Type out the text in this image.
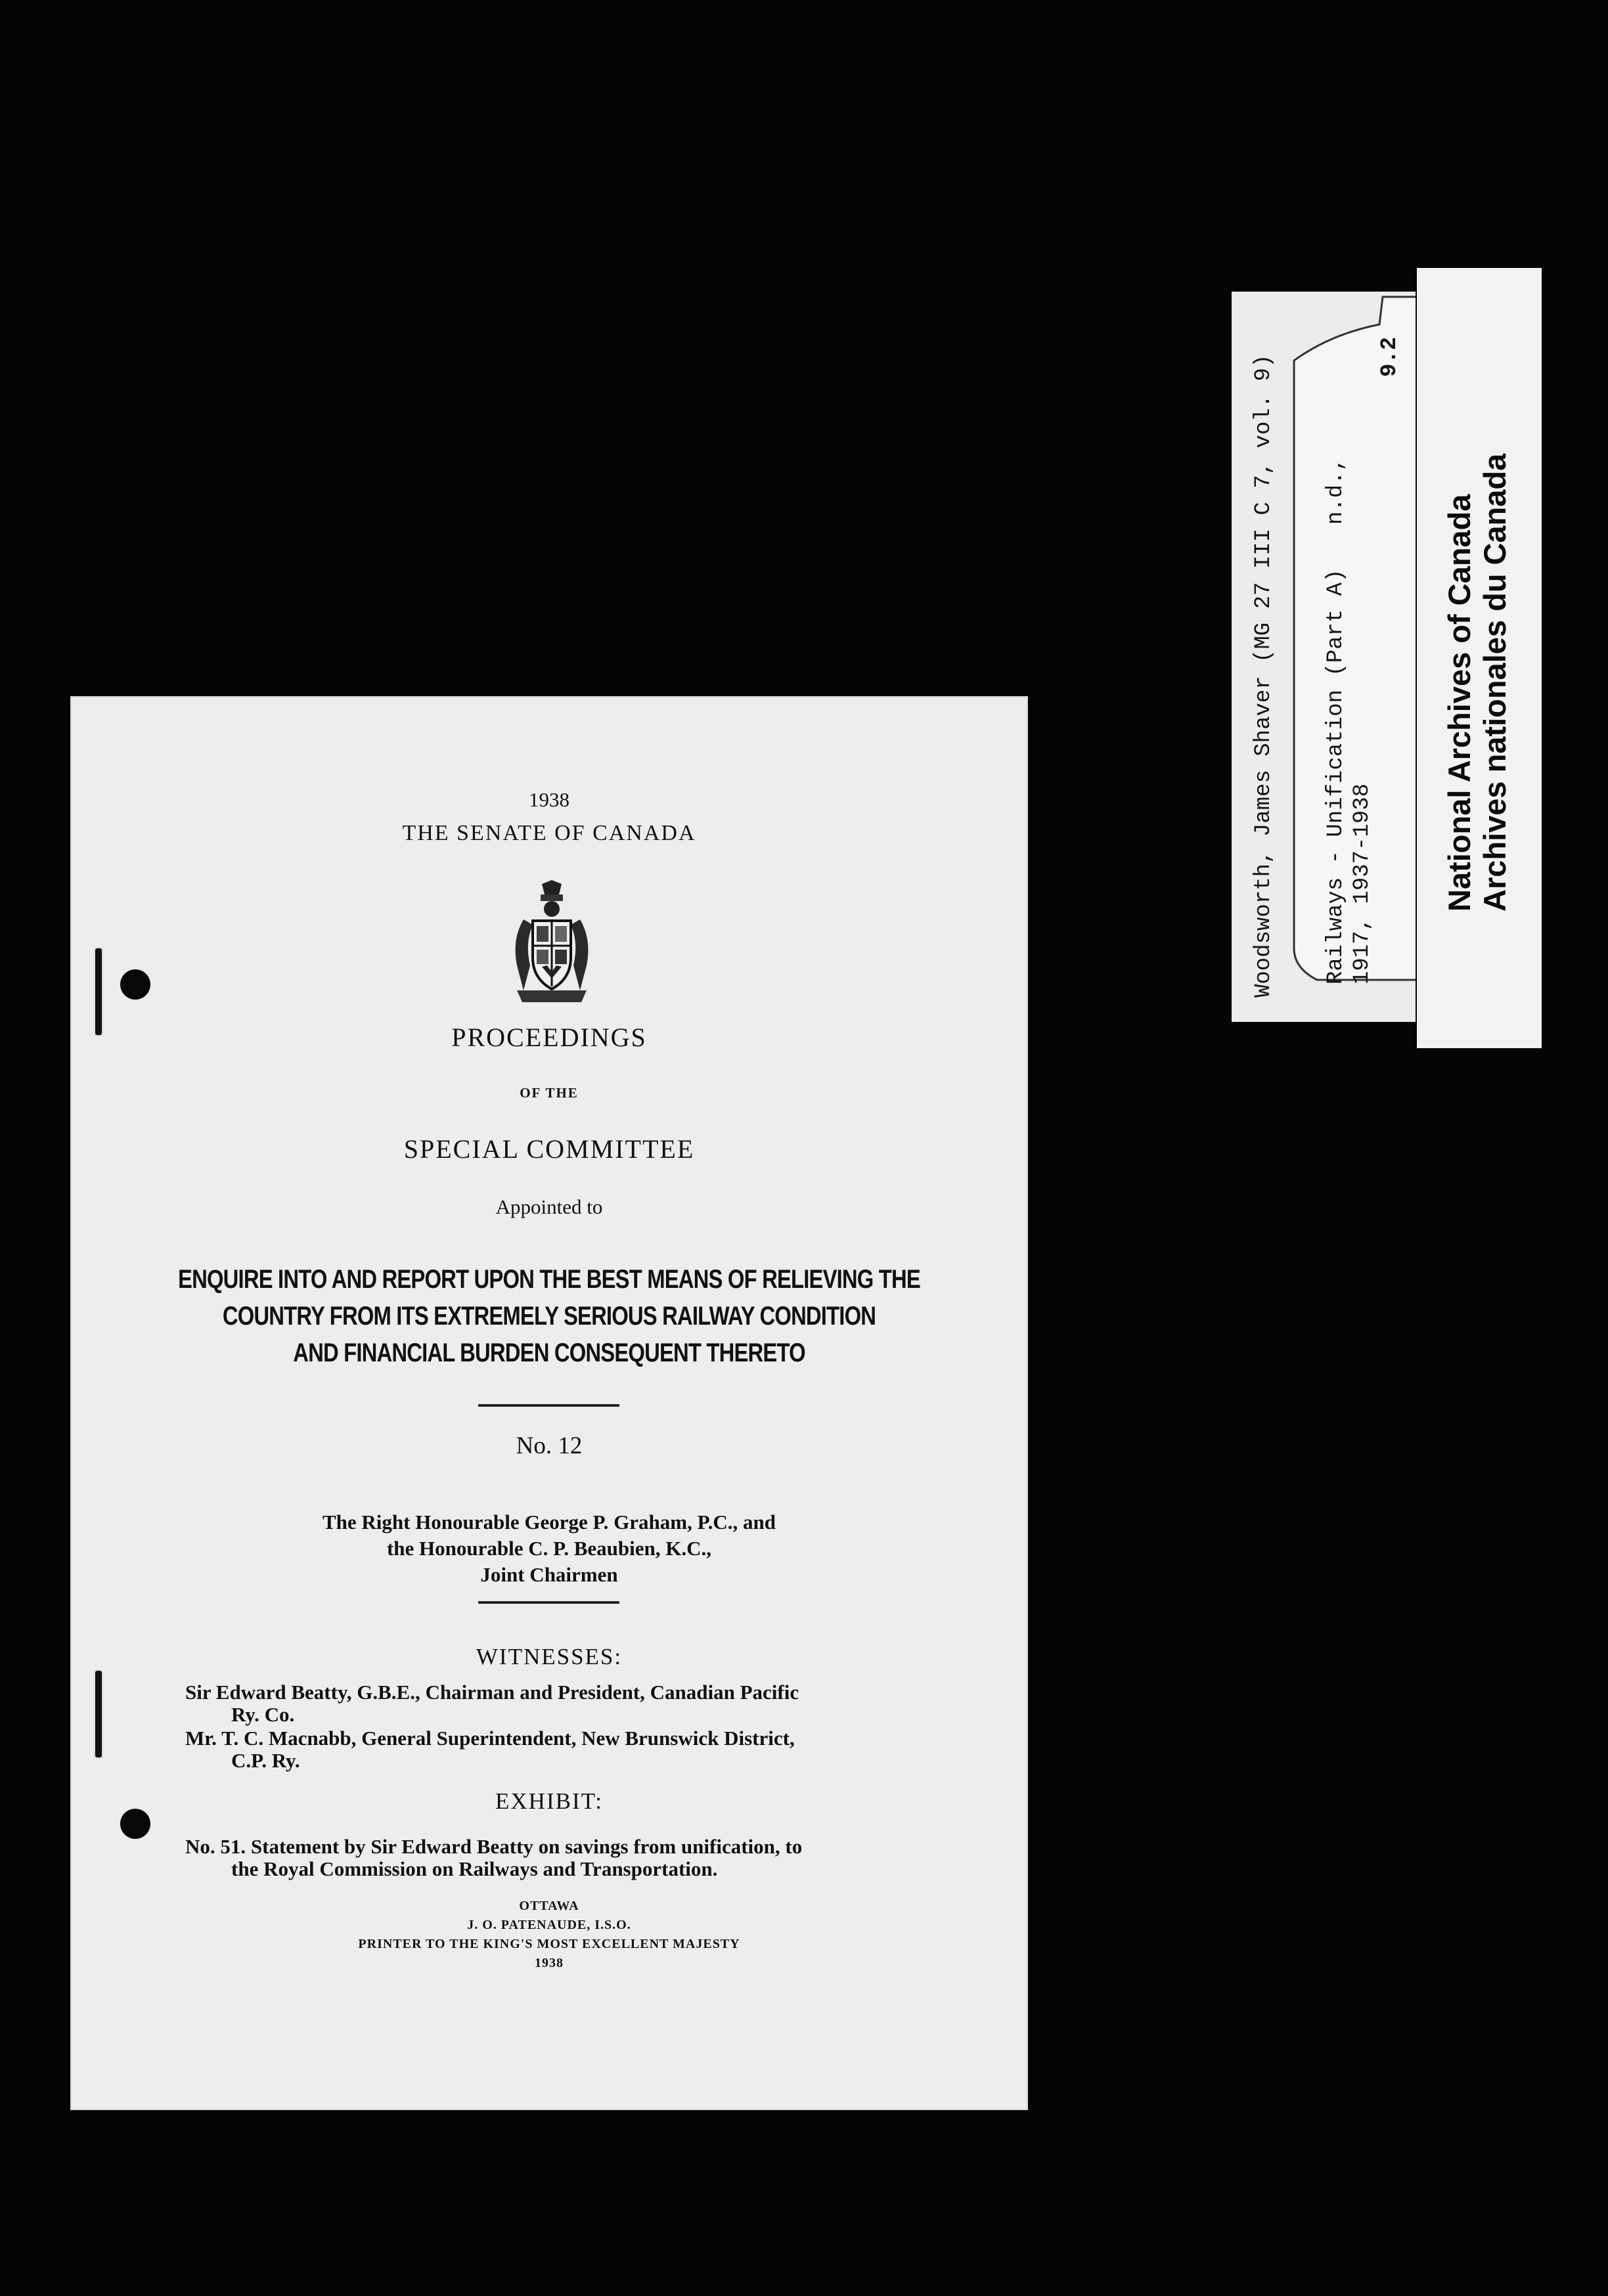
1938
THE SENATE OF CANADA
PROCEEDINGS
OF THE
SPECIAL COMMITTEE
Appointed to
ENQUIRE INTO AND REPORT UPON THE BEST MEANS OF RELIEVING THE
COUNTRY FROM ITS EXTREMELY SERIOUS RAILWAY CONDITION
AND FINANCIAL BURDEN CONSEQUENT THERETO
No. 12
The Right Honourable George P. Graham, P.C., and
the Honourable C. P. Beaubien, K.C.,
Joint Chairmen
WITNESSES:
Sir Edward Beatty, G.B.E., Chairman and President, Canadian Pacific
Ry. Co.
Mr. T. C. Macnabb, General Superintendent, New Brunswick District,
C.P. Ry.
EXHIBIT:
No. 51. Statement by Sir Edward Beatty on savings from unification, to
the Royal Commission on Railways and Transportation.
OTTAWA
J. O. PATENAUDE, I.S.O.
PRINTER TO THE KING'S MOST EXCELLENT MAJESTY
1938
Woodsworth, James Shaver (MG 27 III C 7, vol. 9) Railways - Unification (Part A)
n.d.,
1917, 1937-1938
9.2
National Archives of Canada Archives nationales du Canada
